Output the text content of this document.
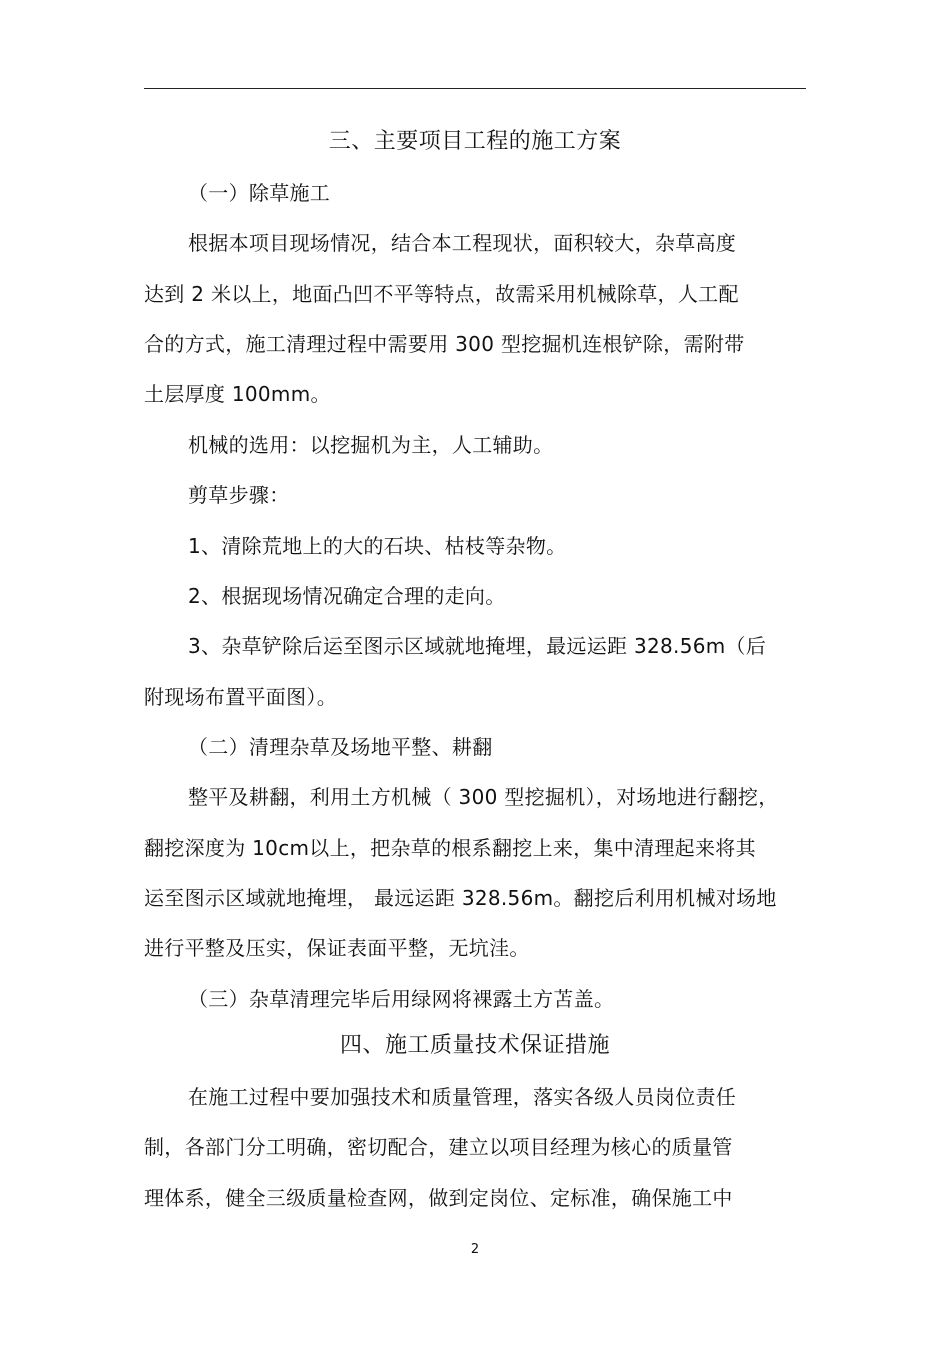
三、主要项目工程的施工方案
（一）除草施工
根据本项目现场情况，结合本工程现状，面积较大，杂草高度
达到 2 米以上，地面凸凹不平等特点，故需采用机械除草，人工配
合的方式，施工清理过程中需要用 300 型挖掘机连根铲除，需附带
土层厚度 100mm。
机械的选用：以挖掘机为主，人工辅助。
剪草步骤：
1、清除荒地上的大的石块、枯枝等杂物。
2、根据现场情况确定合理的走向。
3、杂草铲除后运至图示区域就地掩埋，最远运距 328.56m（后
附现场布置平面图）。
（二）清理杂草及场地平整、耕翻
整平及耕翻，利用土方机械（ 300 型挖掘机），对场地进行翻挖，
翻挖深度为 10cm以上，把杂草的根系翻挖上来，集中清理起来将其
运至图示区域就地掩埋， 最远运距 328.56m。翻挖后利用机械对场地
进行平整及压实，保证表面平整，无坑洼。
（三）杂草清理完毕后用绿网将裸露土方苫盖。
四、施工质量技术保证措施
在施工过程中要加强技术和质量管理，落实各级人员岗位责任
制，各部门分工明确，密切配合，建立以项目经理为核心的质量管
理体系，健全三级质量检查网，做到定岗位、定标准，确保施工中
2
